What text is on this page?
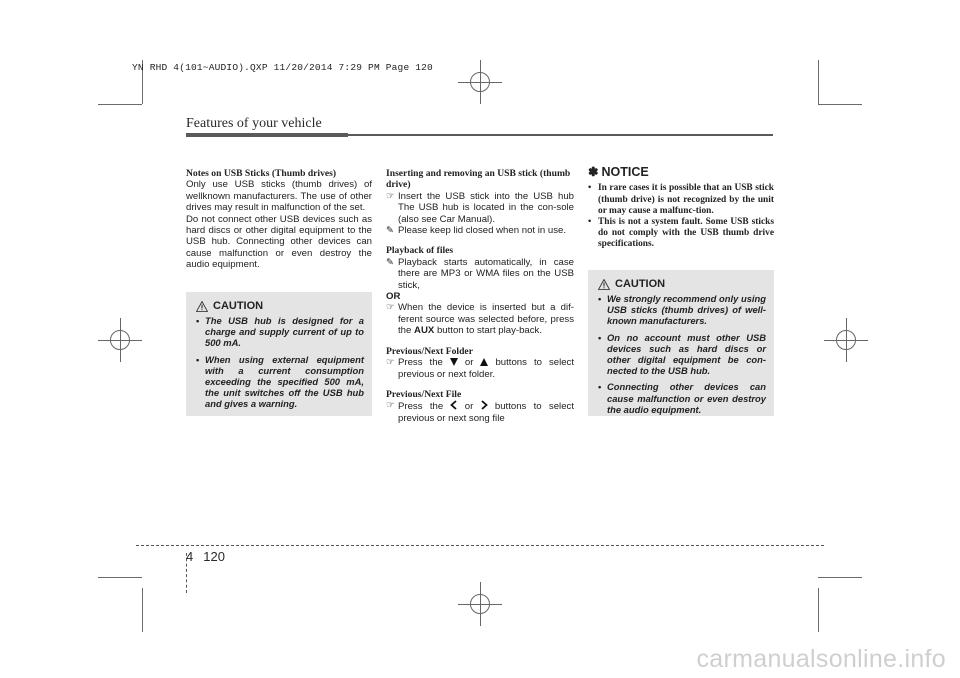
YN RHD 4(101~AUDIO).QXP 11/20/2014 7:29 PM Page 120
Features of your vehicle

Notes on USB Sticks (Thumb drives)

Only use USB sticks (thumb drives) of wellknown manufacturers. The use of other drives may result in malfunction of the set.

Do not connect other USB devices such as hard discs or other digital equipment to the USB hub. Connecting other devices can cause malfunction or even destroy the audio equipment.

CAUTION
• The USB hub is designed for a charge and supply current of up to 500 mA.
• When using external equipment with a current consumption exceeding the specified 500 mA, the unit switches off the USB hub and gives a warning.

Inserting and removing an USB stick (thumb drive)

☞ Insert the USB stick into the USB hub The USB hub is located in the con-sole (also see Car Manual).
✎ Please keep lid closed when not in use.

Playback of files

✎ Playback starts automatically, in case there are MP3 or WMA files on the USB stick,

OR

☞ When the device is inserted but a dif-ferent source was selected before, press the AUX button to start play-back.

Previous/Next Folder

☞ Press the or buttons to select previous or next folder.

Previous/Next File

☞ Press the or buttons to select previous or next song file
✽ NOTICE
• In rare cases it is possible that an USB stick (thumb drive) is not recognized by the unit or may cause a malfunc-tion.
• This is not a system fault. Some USB sticks do not comply with the USB thumb drive specifications.
CAUTION
• We strongly recommend only using USB sticks (thumb drives) of well-known manufacturers.
• On no account must other USB devices such as hard discs or other digital equipment be con-nected to the USB hub.
• Connecting other devices can cause malfunction or even destroy the audio equipment.
4 120
carmanualsonline.info
